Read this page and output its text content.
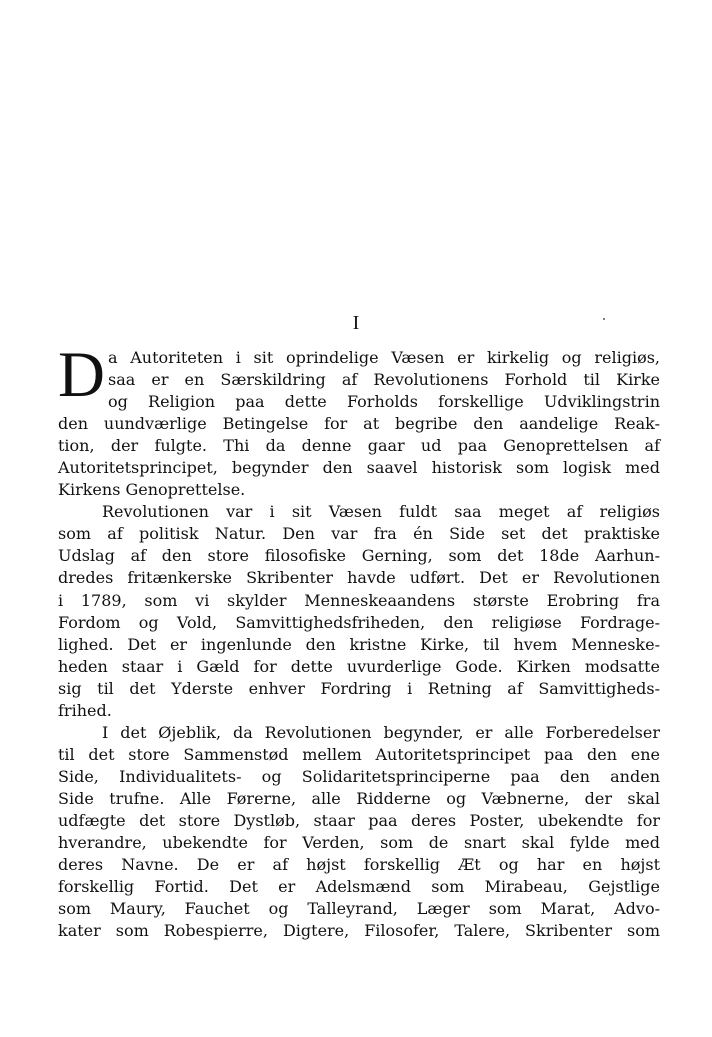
I
D a Autoriteten i sit oprindelige Væsen er kirkelig og religiøs,
saa er en Særskildring af Revolutionens Forhold til Kirke
og Religion paa dette Forholds forskellige Udviklingstrin
den uundværlige Betingelse for at begribe den aandelige Reak-
tion, der fulgte. Thi da denne gaar ud paa Genoprettelsen af
Autoritetsprincipet, begynder den saavel historisk som logisk med
Kirkens Genoprettelse.
Revolutionen var i sit Væsen fuldt saa meget af religiøs
som af politisk Natur. Den var fra én Side set det praktiske
Udslag af den store filosofiske Gerning, som det 18de Aarhun-
dredes fritænkerske Skribenter havde udført. Det er Revolutionen
i 1789, som vi skylder Menneskeaandens største Erobring fra
Fordom og Vold, Samvittighedsfriheden, den religiøse Fordrage-
lighed. Det er ingenlunde den kristne Kirke, til hvem Menneske-
heden staar i Gæld for dette uvurderlige Gode. Kirken modsatte
sig til det Yderste enhver Fordring i Retning af Samvittigheds-
frihed.
I det Øjeblik, da Revolutionen begynder, er alle Forberedelser
til det store Sammenstød mellem Autoritetsprincipet paa den ene
Side, Individualitets- og Solidaritetsprinciperne paa den anden
Side trufne. Alle Førerne, alle Ridderne og Væbnerne, der skal
udfægte det store Dystløb, staar paa deres Poster, ubekendte for
hverandre, ubekendte for Verden, som de snart skal fylde med
deres Navne. De er af højst forskellig Æt og har en højst
forskellig Fortid. Det er Adelsmænd som Mirabeau, Gejstlige
som Maury, Fauchet og Talleyrand, Læger som Marat, Advo-
kater som Robespierre, Digtere, Filosofer, Talere, Skribenter som
